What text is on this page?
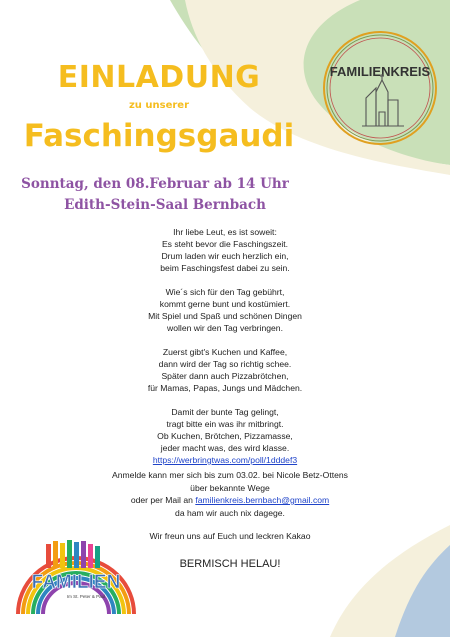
FAMILIENKREIS
EINLADUNG
zu unserer
Faschingsgaudi
Sonntag, den 08.Februar ab 14 Uhr
Edith-Stein-Saal Bernbach
Ihr liebe Leut, es ist soweit:
Es steht bevor die Faschingszeit.
Drum laden wir euch herzlich ein,
beim Faschingsfest dabei zu sein.
Wie´s sich für den Tag gebührt,
kommt gerne bunt und kostümiert.
Mit Spiel und Spaß und schönen Dingen
wollen wir den Tag verbringen.
Zuerst gibt's Kuchen und Kaffee,
dann wird der Tag so richtig schee.
Später dann auch Pizzabrötchen,
für Mamas, Papas, Jungs und Mädchen.
Damit der bunte Tag gelingt,
tragt bitte ein was ihr mitbringt.
Ob Kuchen, Brötchen, Pizzamasse,
jeder macht was, des wird klasse.
https://werbringtwas.com/poll/1dddef3
Anmelde kann mer sich bis zum 03.02. bei Nicole Betz-Ottens
über bekannte Wege
oder per Mail an familienkreis.bernbach@gmail.com
da ham wir auch nix dagege.
Wir freun uns auf Euch und leckren Kakao
BERMISCH HELAU!
FAMILIEN
Im St. Peter & Paul
